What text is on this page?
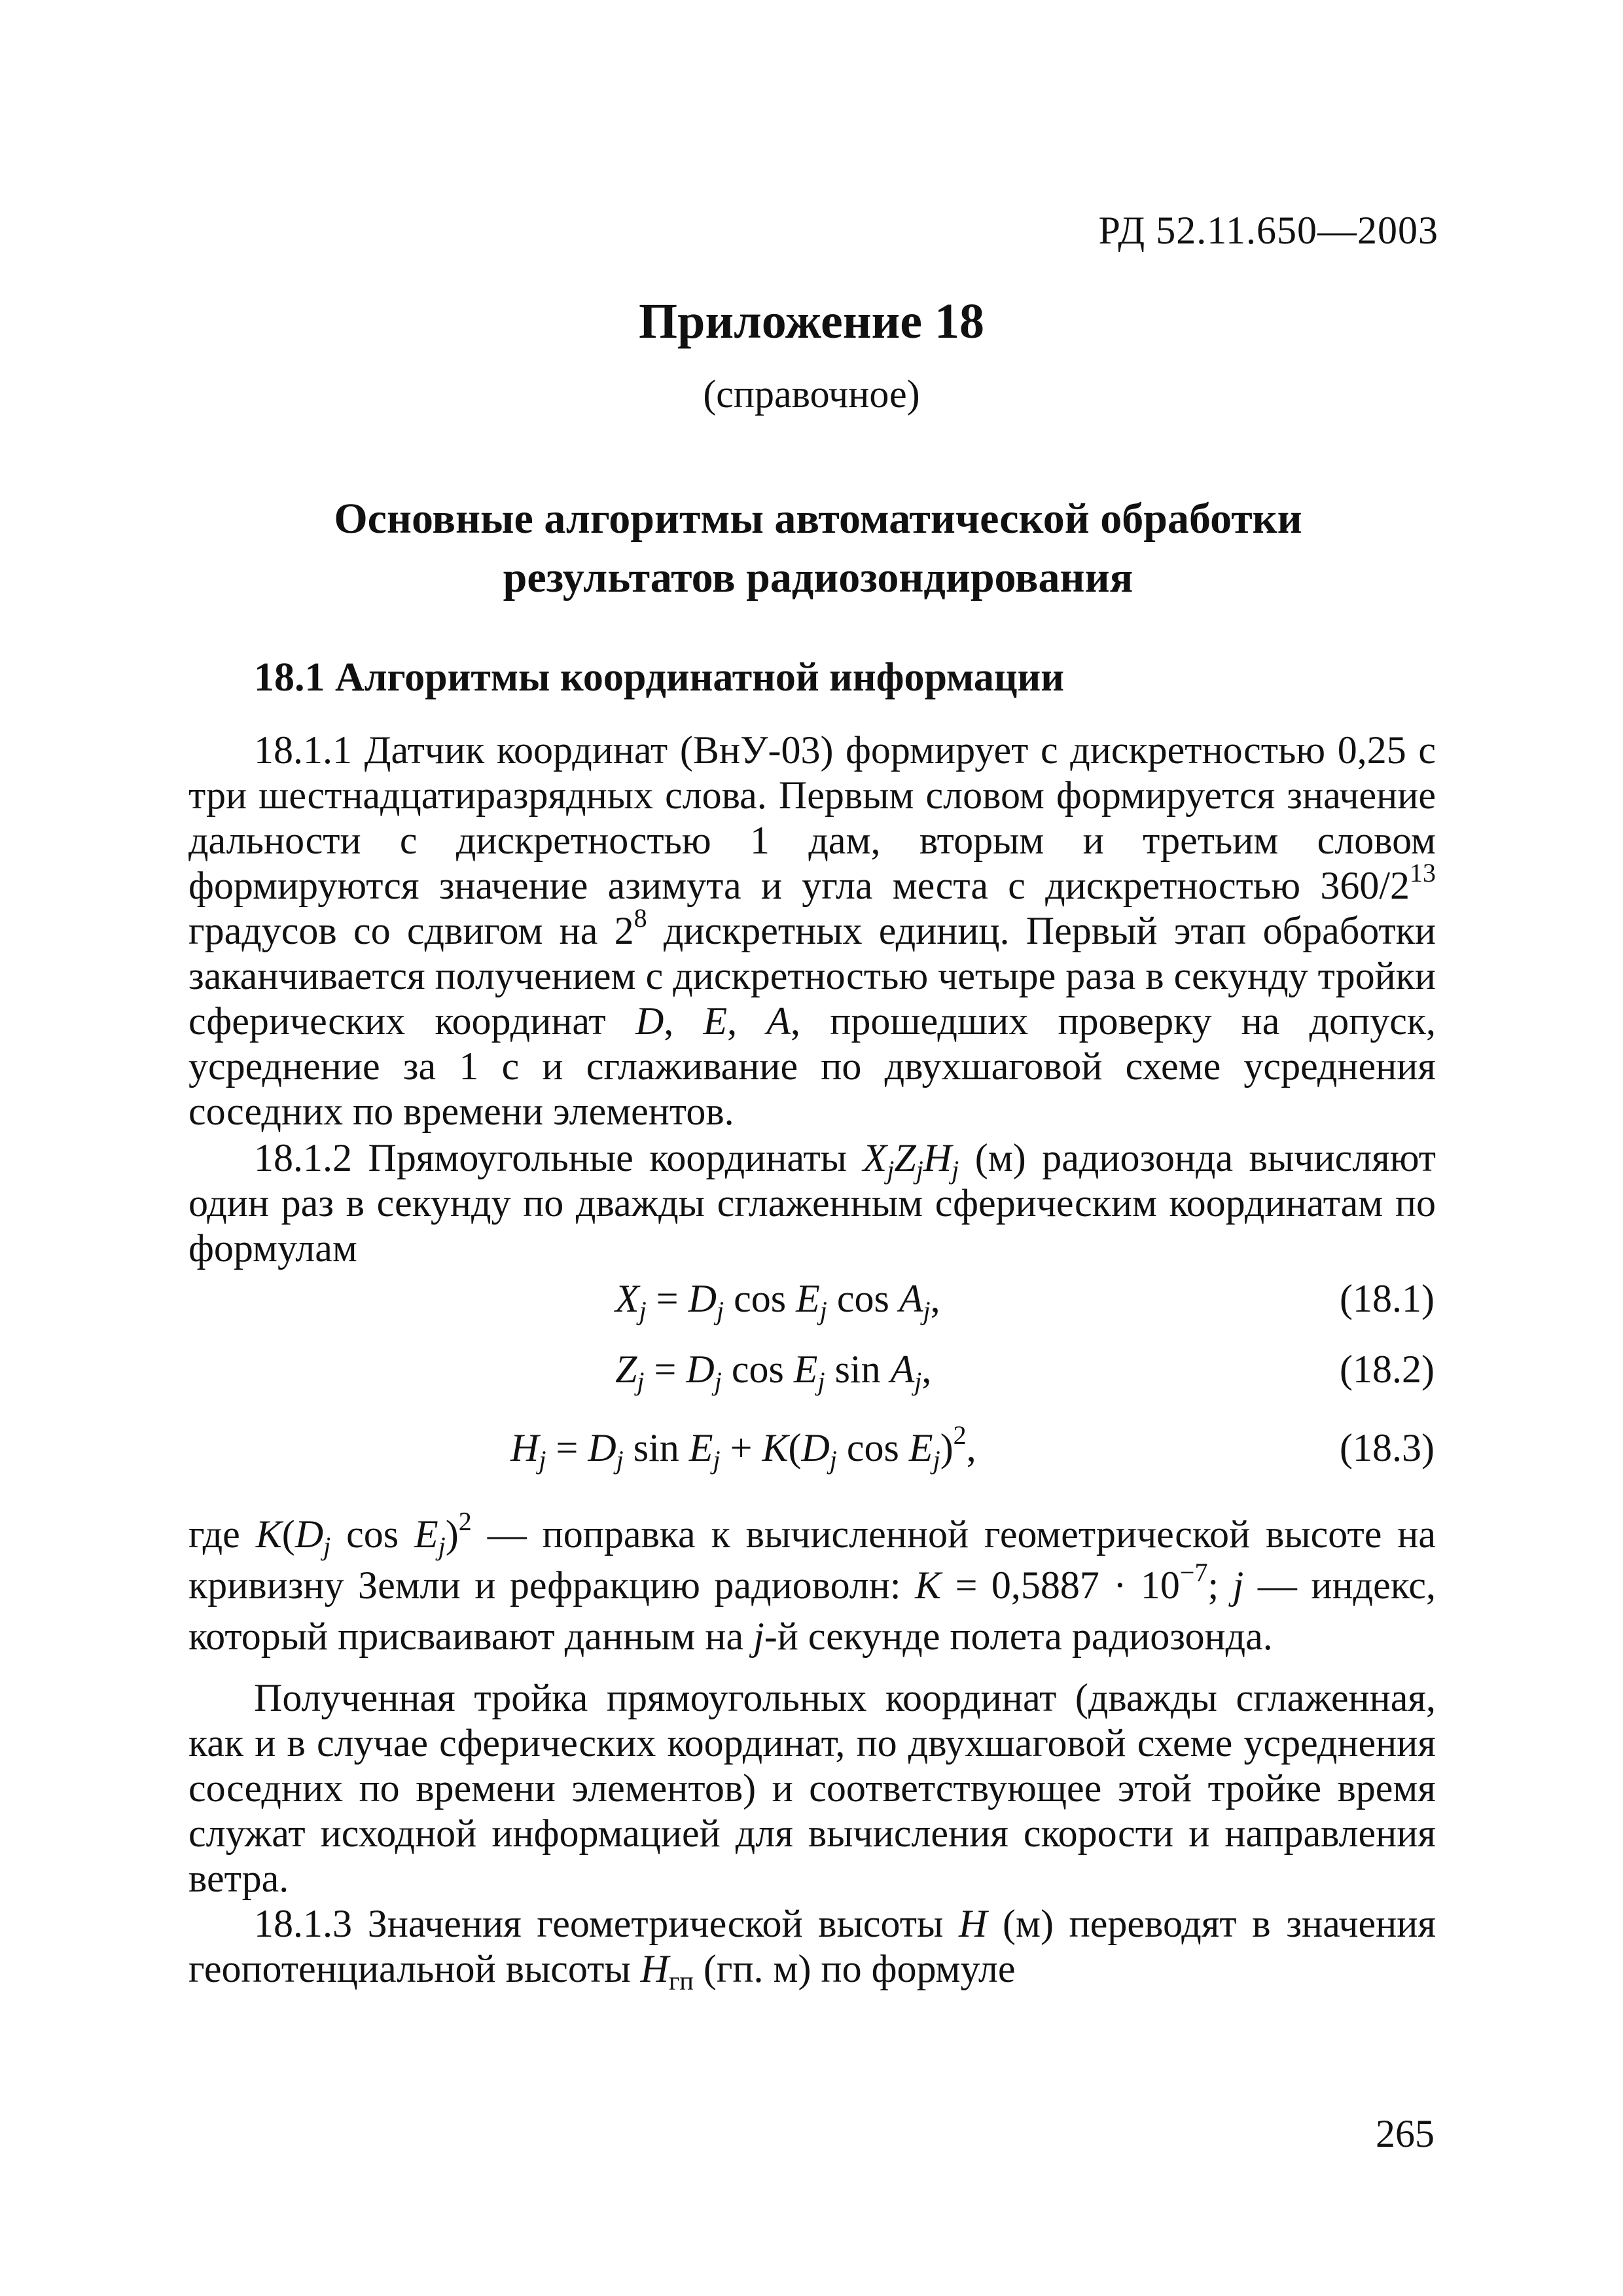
РД 52.11.650—2003
Приложение 18
(справочное)
Основные алгоритмы автоматической обработки
результатов радиозондирования
18.1 Алгоритмы координатной информации

18.1.1 Датчик координат (ВнУ-03) формирует с дискретностью 0,25 с три шестнадцатиразрядных слова. Первым словом формируется значение дальности с дискретностью 1 дам, вторым и третьим словом формируются значение азимута и угла места с дискретностью $360/2^{13}$ градусов со сдвигом на $2^8$ дискретных единиц. Первый этап обработки заканчивается получением с дискретностью четыре раза в секунду тройки сферических координат D, E, A, прошедших проверку на допуск, усреднение за 1 с и сглаживание по двухшаговой схеме усреднения соседних по времени элементов.

18.1.2 Прямоугольные координаты $X_jZ_jH_j$ (м) радиозонда вычисляют один раз в секунду по дважды сглаженным сферическим координатам по формулам

$X_j = D_j$ $\cos E_j$ $\cos A_j$,	(18.1)
$Z_j = D_j$ $\cos E_j$ $\sin A_j$,	(18.2)
$H_j = D_j$ $\sin E_j + K(D_j$ $\cos E_j)^2$,	(18.3)

где $K(D_j$ $\cos E_j)^2$ — поправка к вычисленной геометрической высоте на кривизну Земли и рефракцию радиоволн: $K = 0,5887 \cdot 10^{-7}$; j — индекс, который присваивают данным на j-й секунде полета радиозонда.

Полученная тройка прямоугольных координат (дважды сглаженная, как и в случае сферических координат, по двухшаговой схеме усреднения соседних по времени элементов) и соответствующее этой тройке время служат исходной информацией для вычисления скорости и направления ветра.

18.1.3 Значения геометрической высоты H (м) переводят в значения геопотенциальной высоты $H_{гп}$ (гп. м) по формуле

265
